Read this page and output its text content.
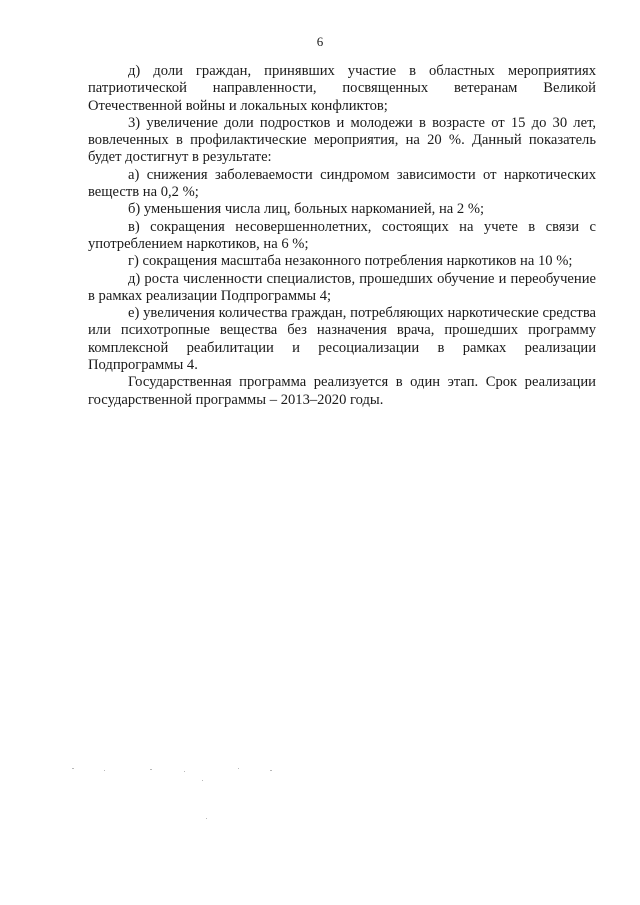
6

д) доли граждан, принявших участие в областных мероприятиях патриотической направленности, посвященных ветеранам Великой Отечественной войны и локальных конфликтов;

3) увеличение доли подростков и молодежи в возрасте от 15 до 30 лет, вовлеченных в профилактические мероприятия, на 20 %. Данный показатель будет достигнут в результате:

а) снижения заболеваемости синдромом зависимости от наркотических веществ на 0,2 %;

б) уменьшения числа лиц, больных наркоманией, на 2 %;

в) сокращения несовершеннолетних, состоящих на учете в связи с употреблением наркотиков, на 6 %;

г) сокращения масштаба незаконного потребления наркотиков на 10 %;

д) роста численности специалистов, прошедших обучение и переобучение в рамках реализации Подпрограммы 4;

е) увеличения количества граждан, потребляющих наркотические средства или психотропные вещества без назначения врача, прошедших программу комплексной реабилитации и ресоциализации в рамках реализации Подпрограммы 4.

Государственная программа реализуется в один этап. Срок реализации государственной программы – 2013–2020 годы.
